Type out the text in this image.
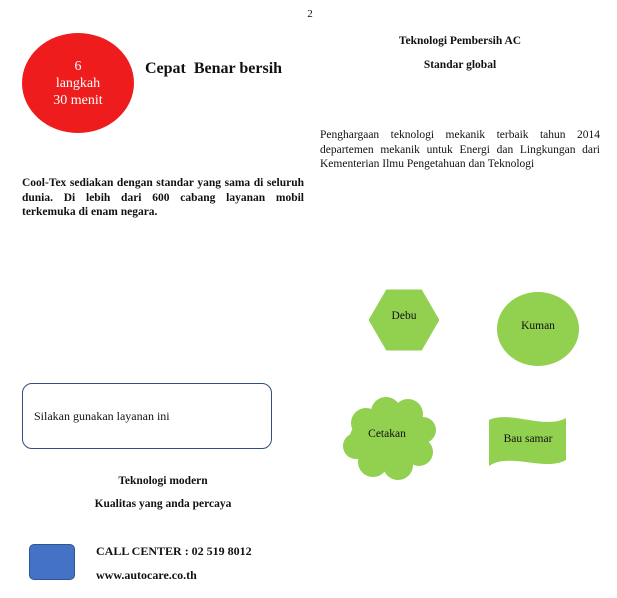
2
6
langkah
30 menit
Cepat  Benar bersih
Cool-Tex sediakan dengan standar yang sama di seluruh dunia. Di lebih dari 600 cabang layanan mobil terkemuka di enam negara.
Teknologi Pembersih AC
Standar global
Penghargaan teknologi mekanik terbaik tahun 2014 departemen mekanik untuk Energi dan Lingkungan dari Kementerian Ilmu Pengetahuan dan Teknologi
Silakan gunakan layanan ini
Teknologi modern
Kualitas yang anda percaya
CALL CENTER : 02 519 8012
www.autocare.co.th
Debu
Kuman
Cetakan	Bau samar
